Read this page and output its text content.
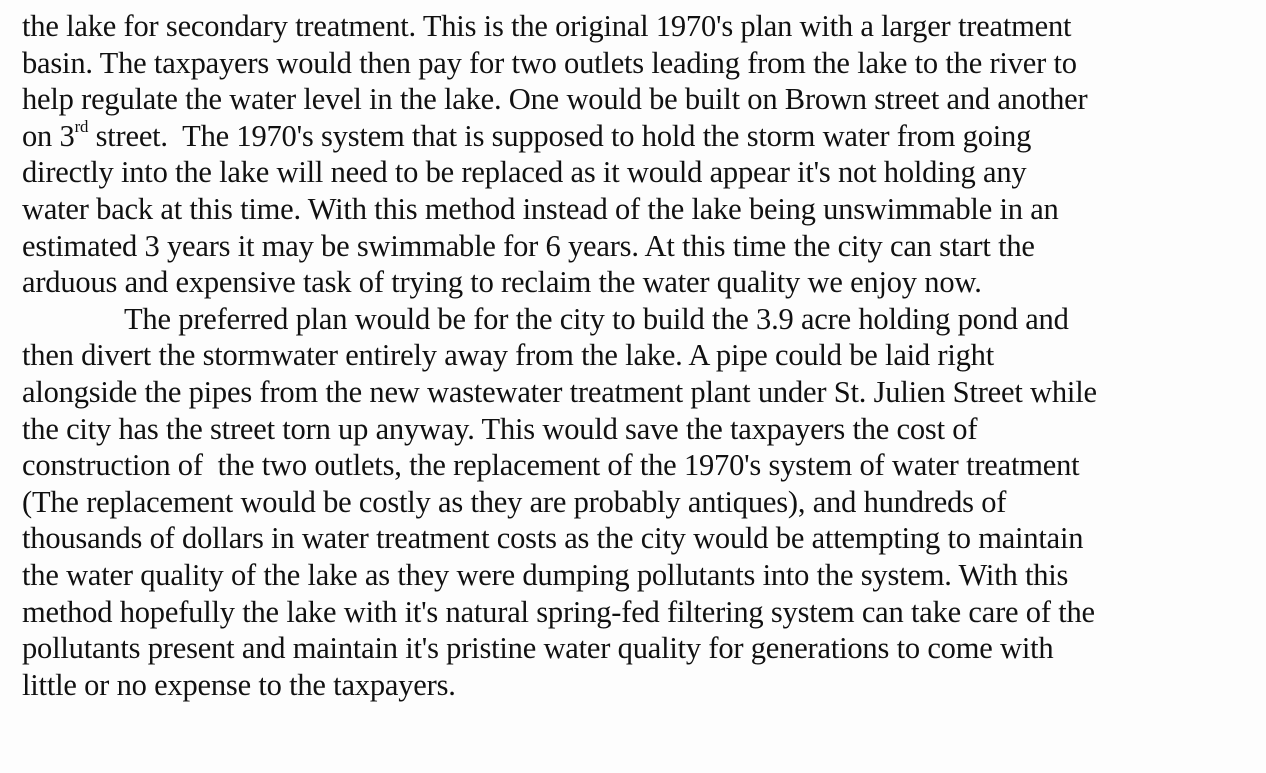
the lake for secondary treatment. This is the original 1970's plan with a larger treatment
basin. The taxpayers would then pay for two outlets leading from the lake to the river to
help regulate the water level in the lake. One would be built on Brown street and another
on 3rd street.  The 1970's system that is supposed to hold the storm water from going
directly into the lake will need to be replaced as it would appear it's not holding any
water back at this time. With this method instead of the lake being unswimmable in an
estimated 3 years it may be swimmable for 6 years. At this time the city can start the
arduous and expensive task of trying to reclaim the water quality we enjoy now.
The preferred plan would be for the city to build the 3.9 acre holding pond and
then divert the stormwater entirely away from the lake. A pipe could be laid right
alongside the pipes from the new wastewater treatment plant under St. Julien Street while
the city has the street torn up anyway. This would save the taxpayers the cost of
construction of  the two outlets, the replacement of the 1970's system of water treatment
(The replacement would be costly as they are probably antiques), and hundreds of
thousands of dollars in water treatment costs as the city would be attempting to maintain
the water quality of the lake as they were dumping pollutants into the system. With this
method hopefully the lake with it's natural spring-fed filtering system can take care of the
pollutants present and maintain it's pristine water quality for generations to come with
little or no expense to the taxpayers.
